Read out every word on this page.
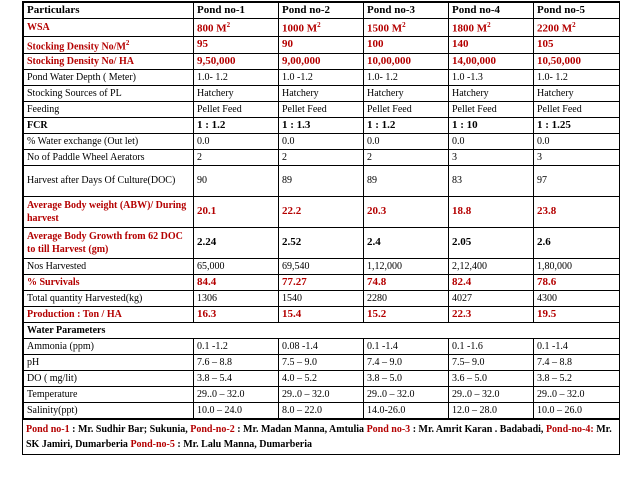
Particulars	Pond no-1	Pond no-2	Pond no-3	Pond no-4	Pond no-5
WSA	800 $M^2$	1000 $M^2$	1500 $M^2$	1800 $M^2$	2200 $M^2$
Stocking Density $No/M^2$	95	90	100	140	105
Stocking Density No/ HA	9,50,000	9,00,000	10,00,000	14,00,000	10,50,000
Pond Water Depth ( Meter)	1.0- 1.2	1.0 -1.2	1.0- 1.2	1.0 -1.3	1.0- 1.2
Stocking Sources of PL	Hatchery	Hatchery	Hatchery	Hatchery	Hatchery
Feeding	Pellet Feed	Pellet Feed	Pellet Feed	Pellet Feed	Pellet Feed
FCR	1 : 1.2	1 : 1.3	1 : 1.2	1 : 10	1 : 1.25
% Water exchange (Out let)	0.0	0.0	0.0	0.0	0.0
No of Paddle Wheel Aerators	2	2	2	3	3
Harvest after Days Of Culture(DOC)	90	89	89	83	97
Average Body weight (ABW)/ During harvest	20.1	22.2	20.3	18.8	23.8
Average Body Growth from 62 DOC to till Harvest (gm)	2.24	2.52	2.4	2.05	2.6
Nos Harvested	65,000	69,540	1,12,000	2,12,400	1,80,000
% Survivals	84.4	77.27	74.8	82.4	78.6
Total quantity Harvested(kg)	1306	1540	2280	4027	4300
Production : Ton / HA	16.3	15.4	15.2	22.3	19.5
Water Parameters					
Ammonia (ppm)	0.1 -1.2	0.08 -1.4	0.1 -1.4	0.1 -1.6	0.1 -1.4
pH	7.6 – 8.8	7.5 – 9.0	7.4 – 9.0	7.5– 9.0	7.4 – 8.8
DO ( mg/lit)	3.8 – 5.4	4.0 – 5.2	3.8 – 5.0	3.6 – 5.0	3.8 – 5.2
Temperature	29..0 – 32.0	29..0 – 32.0	29..0 – 32.0	29..0 – 32.0	29..0 – 32.0
Salinity(ppt)	10.0 – 24.0	8.0 – 22.0	14.0-26.0	12.0 – 28.0	10.0 – 26.0
Pond no-1 : Mr. Sudhir Bar; Sukunia, Pond-no-2 : Mr. Madan Manna, Amtulia Pond no-3 : Mr. Amrit Karan . Badabadi, Pond-no-4: Mr. SK Jamiri, Dumarberia Pond-no-5 : Mr. Lalu Manna, Dumarberia
